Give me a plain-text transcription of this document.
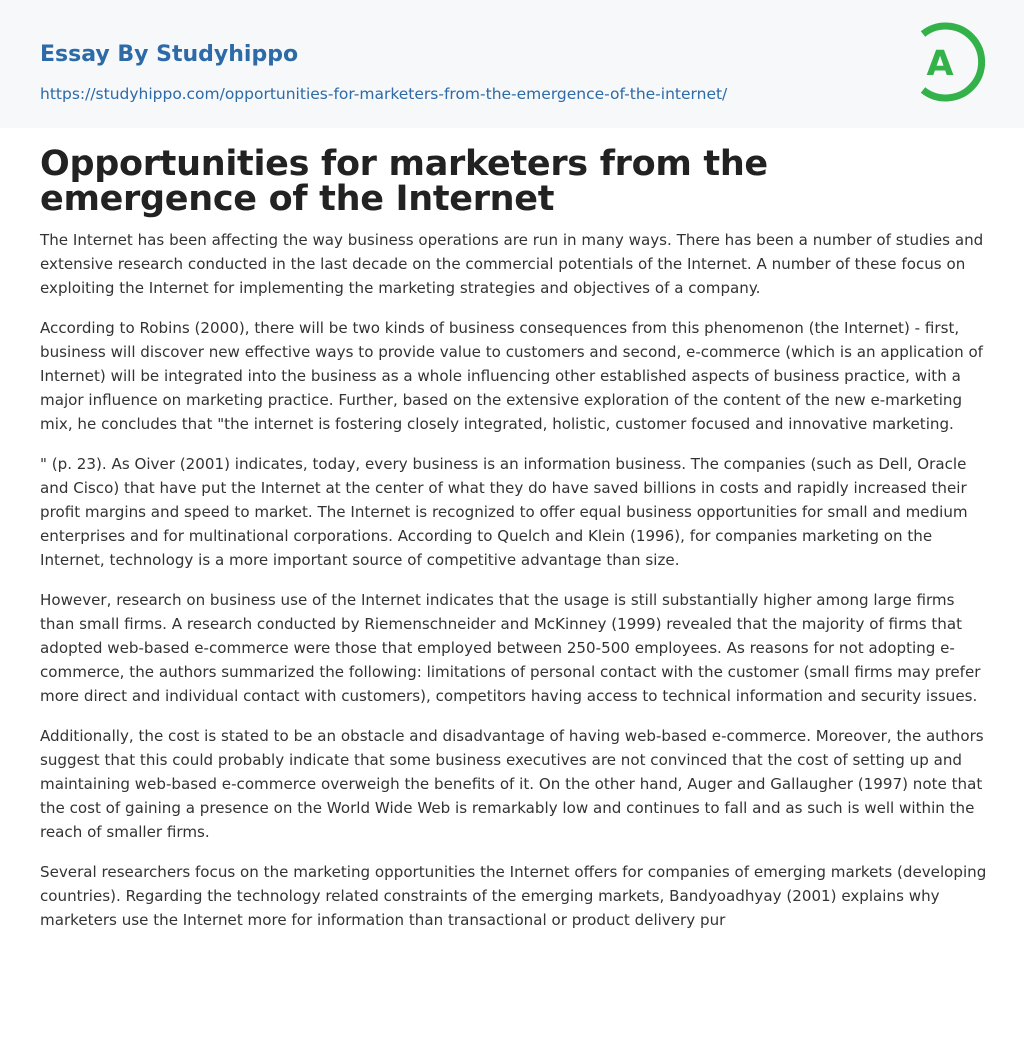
Essay By Studyhippo
https://studyhippo.com/opportunities-for-marketers-from-the-emergence-of-the-internet/
A
Opportunities for marketers from the emergence of the Internet

The Internet has been affecting the way business operations are run in many ways. There has been a number of studies and extensive research conducted in the last decade on the commercial potentials of the Internet. A number of these focus on exploiting the Internet for implementing the marketing strategies and objectives of a company.

According to Robins (2000), there will be two kinds of business consequences from this phenomenon (the Internet) - first, business will discover new effective ways to provide value to customers and second, e-commerce (which is an application of Internet) will be integrated into the business as a whole influencing other established aspects of business practice, with a major influence on marketing practice. Further, based on the extensive exploration of the content of the new e-marketing mix, he concludes that "the internet is fostering closely integrated, holistic, customer focused and innovative marketing.

" (p. 23). As Oiver (2001) indicates, today, every business is an information business. The companies (such as Dell, Oracle and Cisco) that have put the Internet at the center of what they do have saved billions in costs and rapidly increased their profit margins and speed to market. The Internet is recognized to offer equal business opportunities for small and medium enterprises and for multinational corporations. According to Quelch and Klein (1996), for companies marketing on the Internet, technology is a more important source of competitive advantage than size.

However, research on business use of the Internet indicates that the usage is still substantially higher among large firms than small firms. A research conducted by Riemenschneider and McKinney (1999) revealed that the majority of firms that adopted web-based e-commerce were those that employed between 250-500 employees. As reasons for not adopting e-commerce, the authors summarized the following: limitations of personal contact with the customer (small firms may prefer more direct and individual contact with customers), competitors having access to technical information and security issues.

Additionally, the cost is stated to be an obstacle and disadvantage of having web-based e-commerce. Moreover, the authors suggest that this could probably indicate that some business executives are not convinced that the cost of setting up and maintaining web-based e-commerce overweigh the benefits of it. On the other hand, Auger and Gallaugher (1997) note that the cost of gaining a presence on the World Wide Web is remarkably low and continues to fall and as such is well within the reach of smaller firms.

Several researchers focus on the marketing opportunities the Internet offers for companies of emerging markets (developing countries). Regarding the technology related constraints of the emerging markets, Bandyoadhyay (2001) explains why marketers use the Internet more for information than transactional or product delivery pur
